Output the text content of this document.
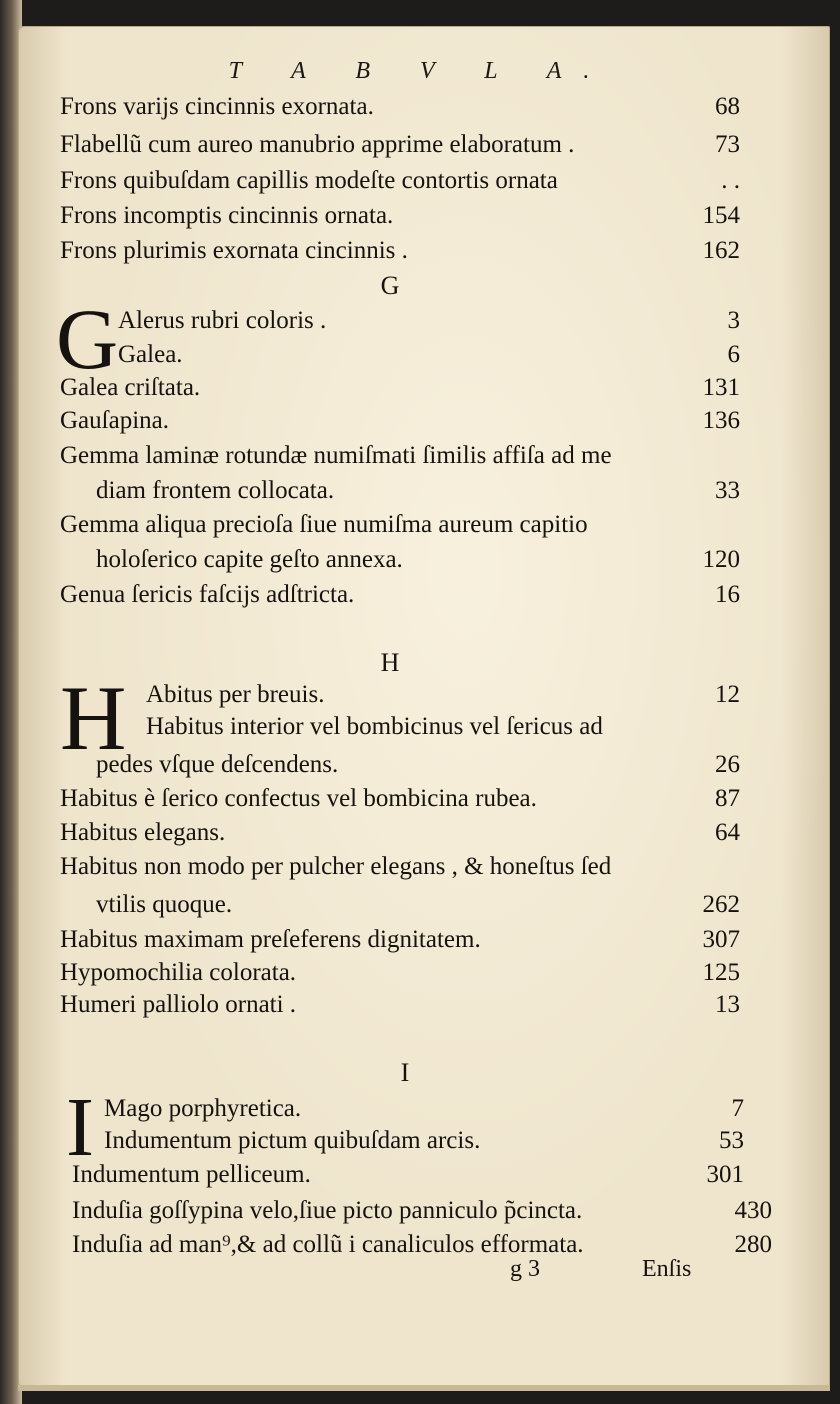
T A B V L A.
Frons varijs cincinnis exornata.	68
Flabellũ cum aureo manubrio apprime elaboratum .	73
Frons quibuſdam capillis modeſte contortis ornata	. .
Frons incomptis cincinnis ornata.	154
Frons plurimis exornata cincinnis .	162
G
G Alerus rubri coloris .	3
Galea.	6
Galea criſtata.	131
Gauſapina.	136
Gemma laminæ rotundæ numiſmati ſimilis affiſa ad me
diam frontem collocata.	33
Gemma aliqua precioſa ſiue numiſma aureum capitio
holoſerico capite geſto annexa.	120
Genua ſericis faſcijs adſtricta.	16
H
H Abitus per breuis.	12
Habitus interior vel bombicinus vel ſericus ad
pedes vſque deſcendens.	26
Habitus è ſerico confectus vel bombicina rubea.	87
Habitus elegans.	64
Habitus non modo per pulcher elegans , & honeſtus ſed
vtilis quoque.	262
Habitus maximam preſeferens dignitatem.	307
Hypomochilia colorata.	125
Humeri palliolo ornati .	13
I
I Mago porphyretica.	7
Indumentum pictum quibuſdam arcis.	53
Indumentum pelliceum.	301
Induſia goſſypina velo,ſiue picto panniculo p̃cincta.	430
Induſia ad man⁹,& ad collũ i canaliculos efformata.	280
g 3	Enſis
